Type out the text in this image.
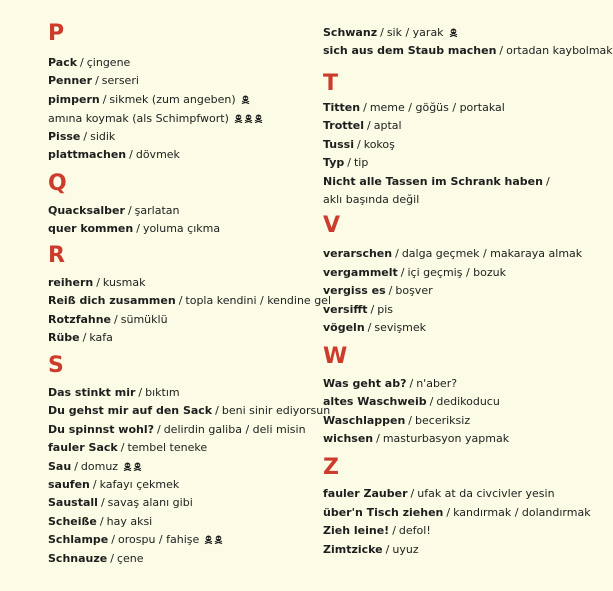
P
Pack / çingene
Penner / serseri
pimpern / sikmek (zum angeben)
amına koymak (als Schimpfwort)
Pisse / sidik
plattmachen / dövmek
Q
Quacksalber / şarlatan
quer kommen / yoluma çıkma
R
reihern / kusmak
Reiß dich zusammen / topla kendini / kendine gel
Rotzfahne / sümüklü
Rübe / kafa
S
Das stinkt mir / bıktım
Du gehst mir auf den Sack / beni sinir ediyorsun
Du spinnst wohl? / delirdin galiba / deli misin
fauler Sack / tembel teneke
Sau / domuz
saufen / kafayı çekmek
Saustall / savaş alanı gibi
Scheiße / hay aksi
Schlampe / orospu / fahişe
Schnauze / çene
Schwanz / sik / yarak
sich aus dem Staub machen / ortadan kaybolmak
T
Titten / meme / göğüs / portakal
Trottel / aptal
Tussi / kokoş
Typ / tip
Nicht alle Tassen im Schrank haben /
aklı başında değil
V
verarschen / dalga geçmek / makaraya almak
vergammelt / içi geçmiş / bozuk
vergiss es / boşver
versifft / pis
vögeln / sevişmek
W
Was geht ab? / n'aber?
altes Waschweib / dedikoducu
Waschlappen / beceriksiz
wichsen / masturbasyon yapmak
Z
fauler Zauber / ufak at da civcivler yesin
über'n Tisch ziehen / kandırmak / dolandırmak
Zieh leine! / defol!
Zimtzicke / uyuz
